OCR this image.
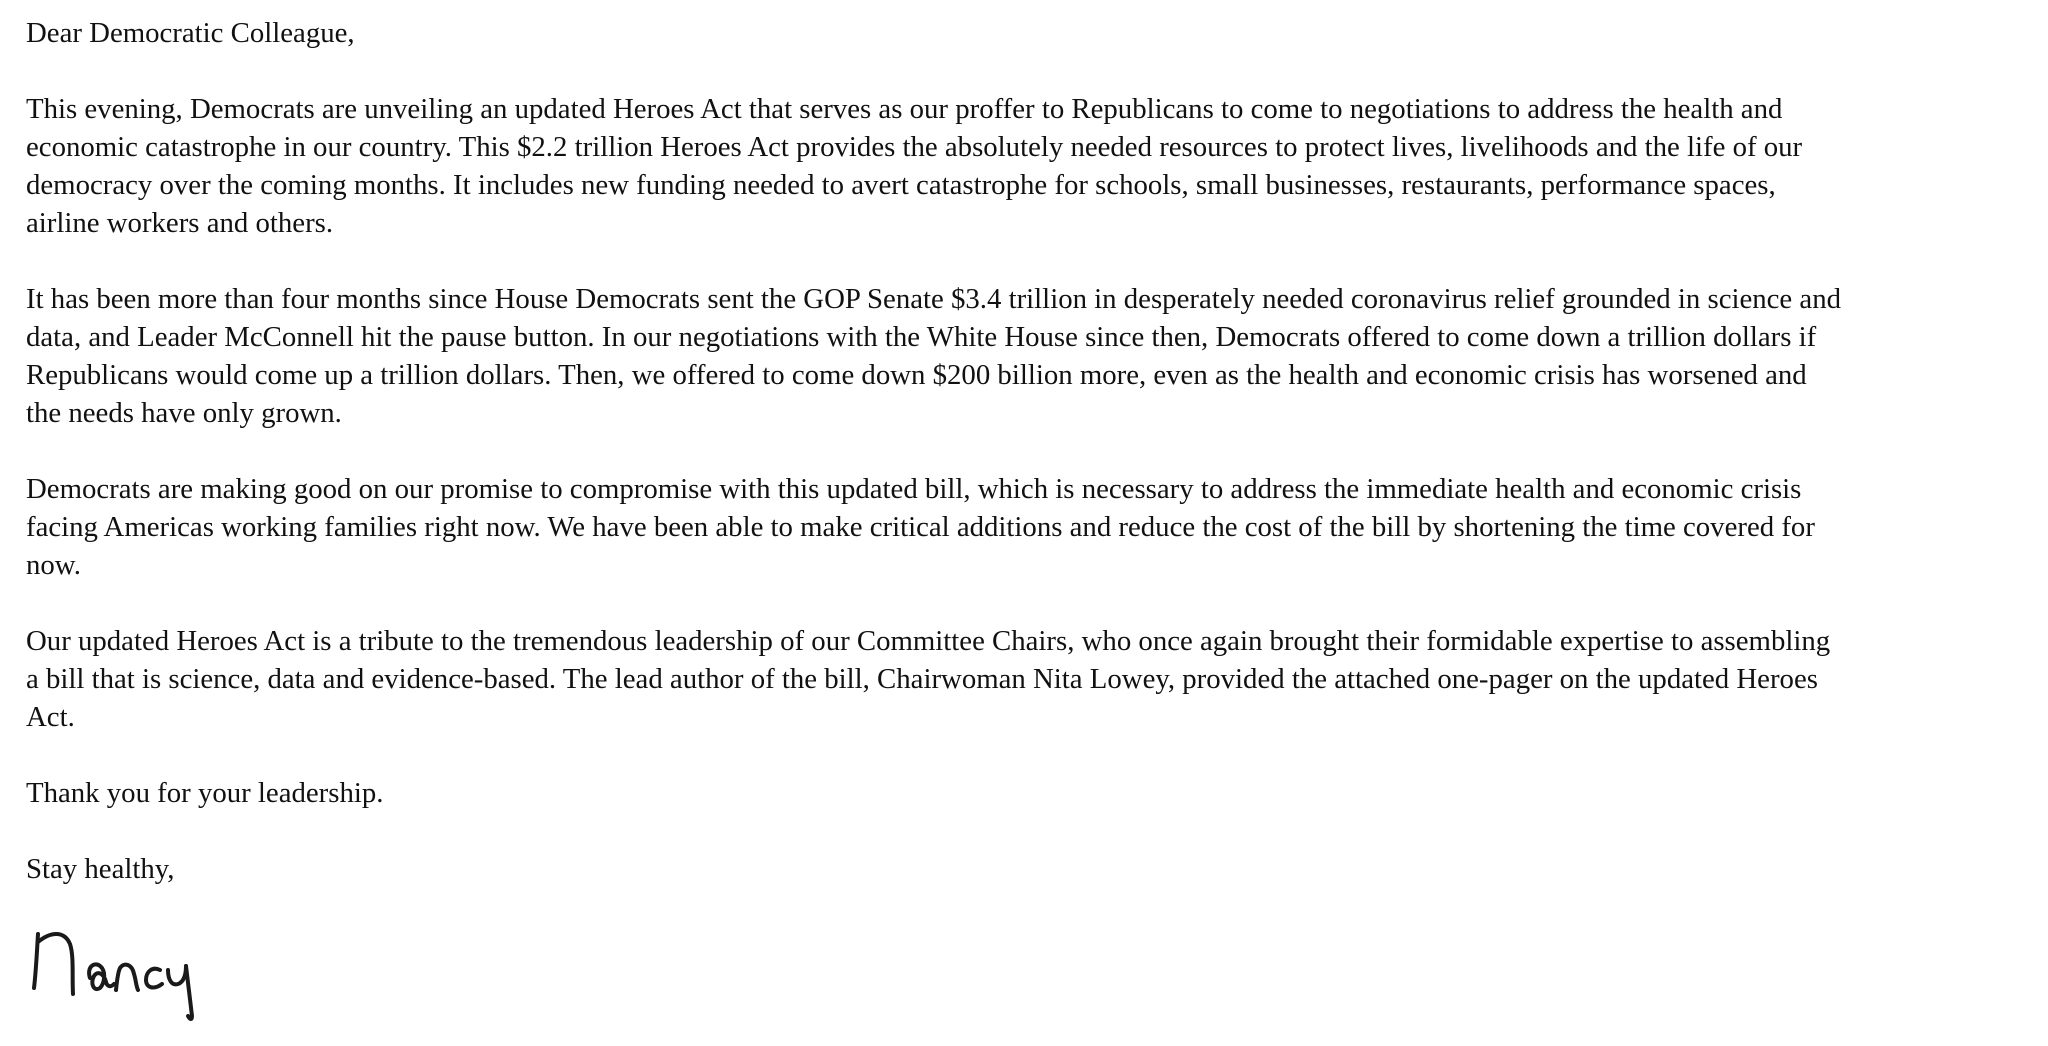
Dear Democratic Colleague,

This evening, Democrats are unveiling an updated Heroes Act that serves as our proffer to Republicans to come to negotiations to address the health and

economic catastrophe in our country. This $2.2 trillion Heroes Act provides the absolutely needed resources to protect lives, livelihoods and the life of our

democracy over the coming months. It includes new funding needed to avert catastrophe for schools, small businesses, restaurants, performance spaces,

airline workers and others.

It has been more than four months since House Democrats sent the GOP Senate $3.4 trillion in desperately needed coronavirus relief grounded in science and

data, and Leader McConnell hit the pause button. In our negotiations with the White House since then, Democrats offered to come down a trillion dollars if

Republicans would come up a trillion dollars. Then, we offered to come down $200 billion more, even as the health and economic crisis has worsened and

the needs have only grown.

Democrats are making good on our promise to compromise with this updated bill, which is necessary to address the immediate health and economic crisis

facing Americas working families right now. We have been able to make critical additions and reduce the cost of the bill by shortening the time covered for

now.

Our updated Heroes Act is a tribute to the tremendous leadership of our Committee Chairs, who once again brought their formidable expertise to assembling

a bill that is science, data and evidence-based. The lead author of the bill, Chairwoman Nita Lowey, provided the attached one-pager on the updated Heroes

Act.

Thank you for your leadership.

Stay healthy,
